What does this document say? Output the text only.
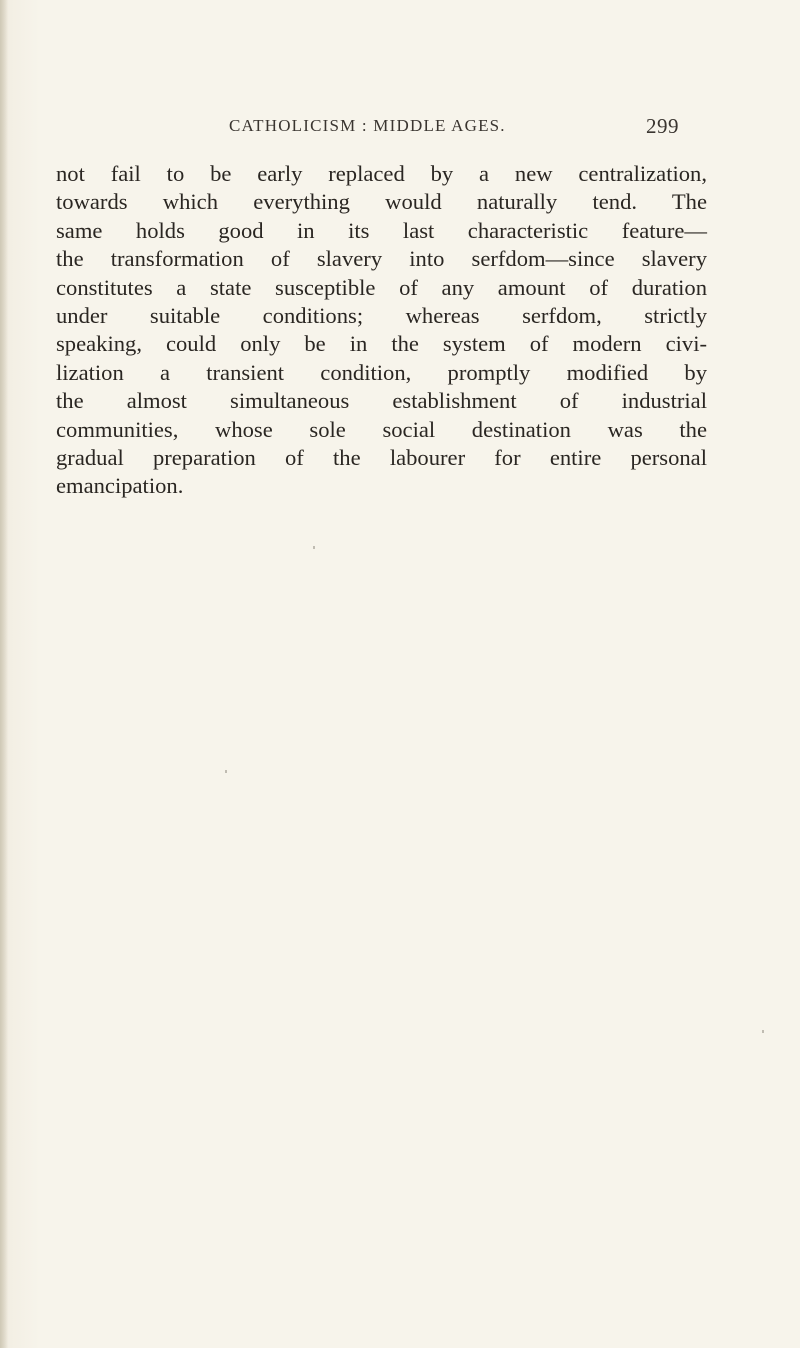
CATHOLICISM : MIDDLE AGES.	299
not fail to be early replaced by a new centralization,
towards which everything would naturally tend. The
same holds good in its last characteristic feature—
the transformation of slavery into serfdom—since slavery
constitutes a state susceptible of any amount of duration
under suitable conditions; whereas serfdom, strictly
speaking, could only be in the system of modern civi-
lization a transient condition, promptly modified by
the almost simultaneous establishment of industrial
communities, whose sole social destination was the
gradual preparation of the labourer for entire personal
emancipation.
